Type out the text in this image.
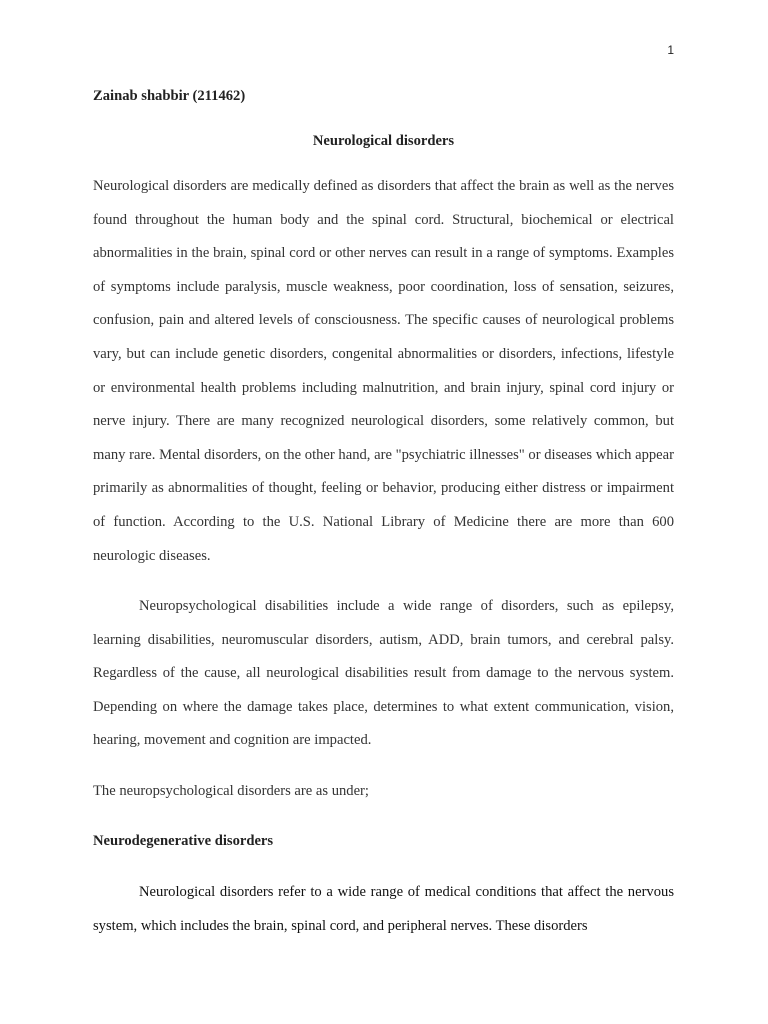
1
Zainab shabbir (211462)
Neurological disorders

Neurological disorders are medically defined as disorders that affect the brain as well as the nerves found throughout the human body and the spinal cord. Structural, biochemical or electrical abnormalities in the brain, spinal cord or other nerves can result in a range of symptoms. Examples of symptoms include paralysis, muscle weakness, poor coordination, loss of sensation, seizures, confusion, pain and altered levels of consciousness. The specific causes of neurological problems vary, but can include genetic disorders, congenital abnormalities or disorders, infections, lifestyle or environmental health problems including malnutrition, and brain injury, spinal cord injury or nerve injury. There are many recognized neurological disorders, some relatively common, but many rare. Mental disorders, on the other hand, are "psychiatric illnesses" or diseases which appear primarily as abnormalities of thought, feeling or behavior, producing either distress or impairment of function. According to the U.S. National Library of Medicine there are more than 600 neurologic diseases.

Neuropsychological disabilities include a wide range of disorders, such as epilepsy, learning disabilities, neuromuscular disorders, autism, ADD, brain tumors, and cerebral palsy. Regardless of the cause, all neurological disabilities result from damage to the nervous system. Depending on where the damage takes place, determines to what extent communication, vision, hearing, movement and cognition are impacted.

The neuropsychological disorders are as under;

Neurodegenerative disorders

Neurological disorders refer to a wide range of medical conditions that affect the nervous system, which includes the brain, spinal cord, and peripheral nerves. These disorders
